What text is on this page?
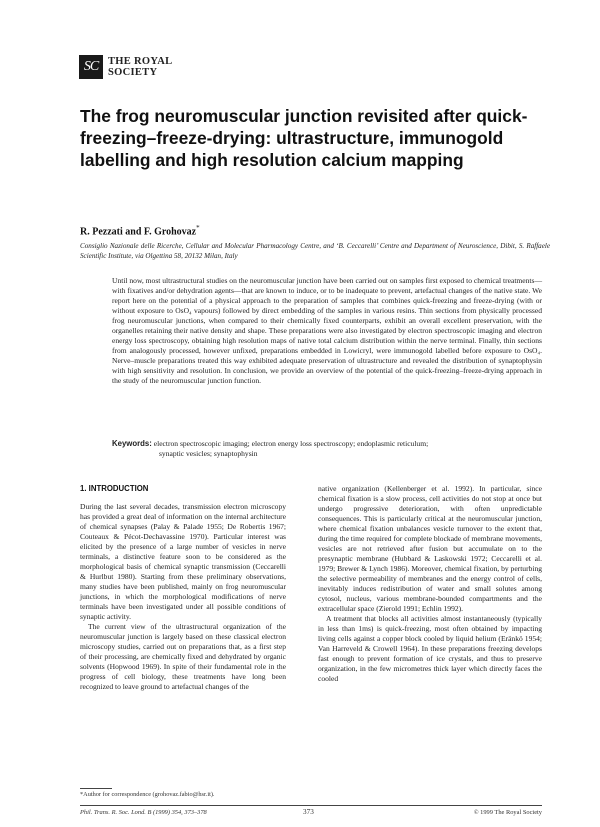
SC THE ROYAL
SOCIETY
The frog neuromuscular junction revisited after quick-freezing–freeze-drying: ultrastructure, immunogold labelling and high resolution calcium mapping
R. Pezzati and F. Grohovaz*
Consiglio Nazionale delle Ricerche, Cellular and Molecular Pharmacology Centre, and ‘B. Ceccarelli’ Centre and Department of Neuroscience, Dibit, S. Raffaele Scientific Institute, via Olgettina 58, 20132 Milan, Italy

Until now, most ultrastructural studies on the neuromuscular junction have been carried out on samples first exposed to chemical treatments—with fixatives and/or dehydration agents—that are known to induce, or to be inadequate to prevent, artefactual changes of the native state. We report here on the potential of a physical approach to the preparation of samples that combines quick-freezing and freeze-drying (with or without exposure to OsO₄ vapours) followed by direct embedding of the samples in various resins. Thin sections from physically processed frog neuromuscular junctions, when compared to their chemically fixed counterparts, exhibit an overall excellent preservation, with the organelles retaining their native density and shape. These preparations were also investigated by electron spectroscopic imaging and electron energy loss spectroscopy, obtaining high resolution maps of native total calcium distribution within the nerve terminal. Finally, thin sections from analogously processed, however unfixed, preparations embedded in Lowicryl, were immunogold labelled before exposure to OsO₄. Nerve–muscle preparations treated this way exhibited adequate preservation of ultrastructure and revealed the distribution of synaptophysin with high sensitivity and resolution. In conclusion, we provide an overview of the potential of the quick-freezing–freeze-drying approach in the study of the neuromuscular junction function.

Keywords: electron spectroscopic imaging; electron energy loss spectroscopy; endoplasmic reticulum;
synaptic vesicles; synaptophysin
1. INTRODUCTION

During the last several decades, transmission electron microscopy has provided a great deal of information on the internal architecture of chemical synapses (Palay & Palade 1955; De Robertis 1967; Couteaux & Pécot-Dechavassine 1970). Particular interest was elicited by the presence of a large number of vesicles in nerve terminals, a distinctive feature soon to be considered as the morphological basis of chemical synaptic transmission (Ceccarelli & Hurlbut 1980). Starting from these preliminary observations, many studies have been published, mainly on frog neuromuscular junctions, in which the morphological modifications of nerve terminals have been investigated under all possible conditions of synaptic activity.

The current view of the ultrastructural organization of the neuromuscular junction is largely based on these classical electron microscopy studies, carried out on preparations that, as a first step of their processing, are chemically fixed and dehydrated by organic solvents (Hopwood 1969). In spite of their fundamental role in the progress of cell biology, these treatments have long been recognized to leave ground to artefactual changes of the

native organization (Kellenberger et al. 1992). In particular, since chemical fixation is a slow process, cell activities do not stop at once but undergo progressive deterioration, with often unpredictable consequences. This is particularly critical at the neuromuscular junction, where chemical fixation unbalances vesicle turnover to the extent that, during the time required for complete blockade of membrane movements, vesicles are not retrieved after fusion but accumulate on to the presynaptic membrane (Hubbard & Laskowski 1972; Ceccarelli et al. 1979; Brewer & Lynch 1986). Moreover, chemical fixation, by perturbing the selective permeability of membranes and the energy control of cells, inevitably induces redistribution of water and small solutes among cytosol, nucleus, various membrane-bounded compartments and the extracellular space (Zierold 1991; Echlin 1992).

A treatment that blocks all activities almost instantaneously (typically in less than 1ms) is quick-freezing, most often obtained by impacting living cells against a copper block cooled by liquid helium (Eränkö 1954; Van Harreveld & Crowell 1964). In these preparations freezing develops fast enough to prevent formation of ice crystals, and thus to preserve organization, in the few micrometres thick layer which directly faces the cooled

*Author for correspondence (grohovaz.fabio@hsr.it).
Phil. Trans. R. Soc. Lond. B (1999) 354, 373–378	373	© 1999 The Royal Society
